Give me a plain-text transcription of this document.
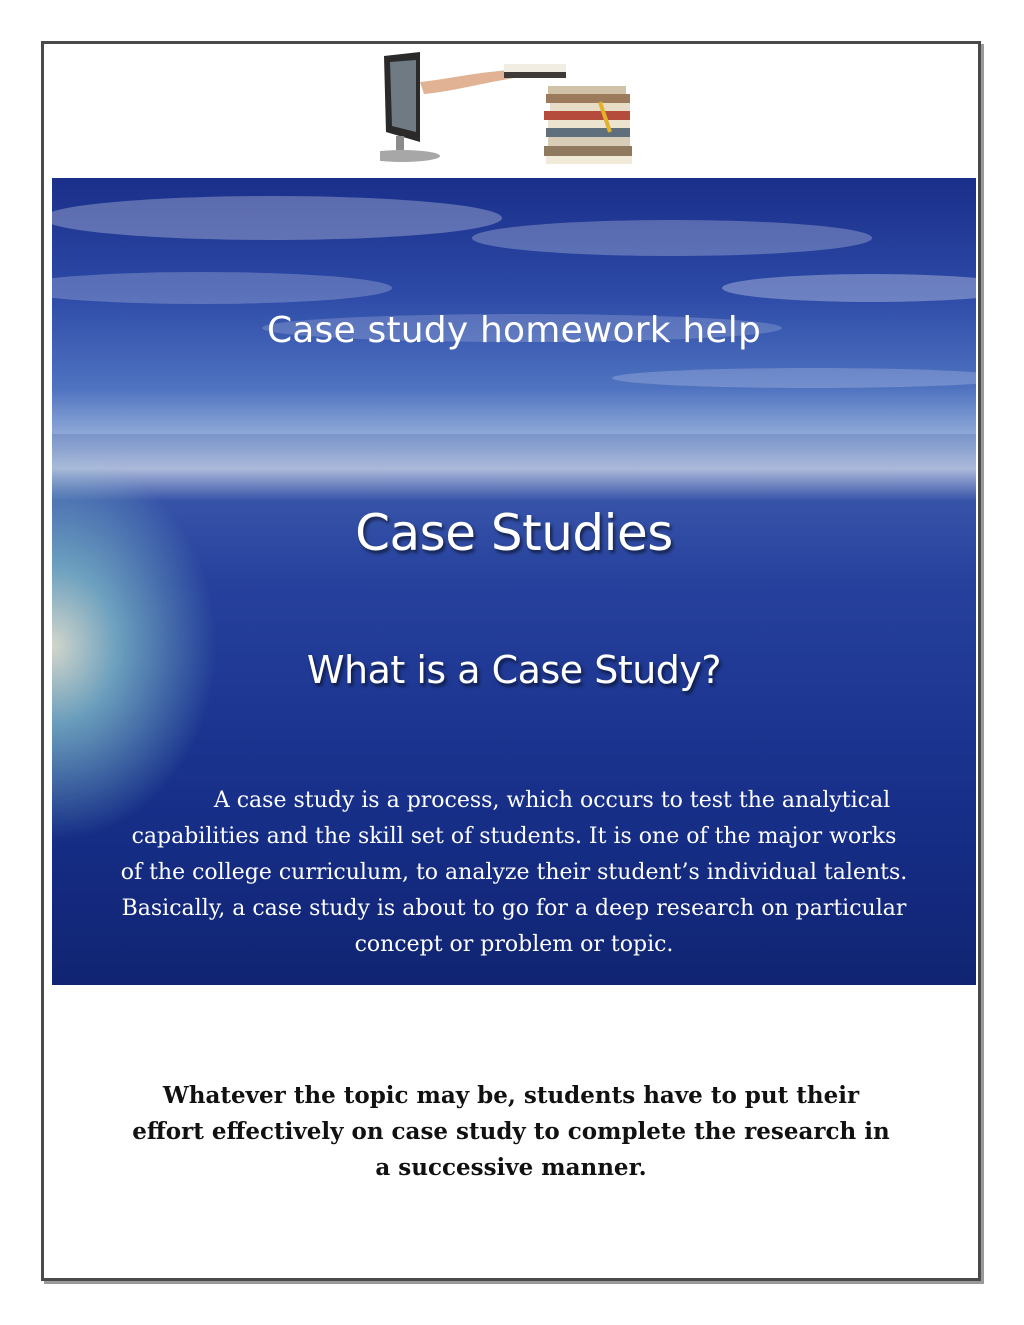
Case study homework help
Case Studies
What is a Case Study?
A case study is a process, which occurs to test the analytical capabilities and the skill set of students. It is one of the major works of the college curriculum, to analyze their student’s individual talents. Basically, a case study is about to go for a deep research on particular concept or problem or topic.
Whatever the topic may be, students have to put their effort effectively on case study to complete the research in a successive manner.
